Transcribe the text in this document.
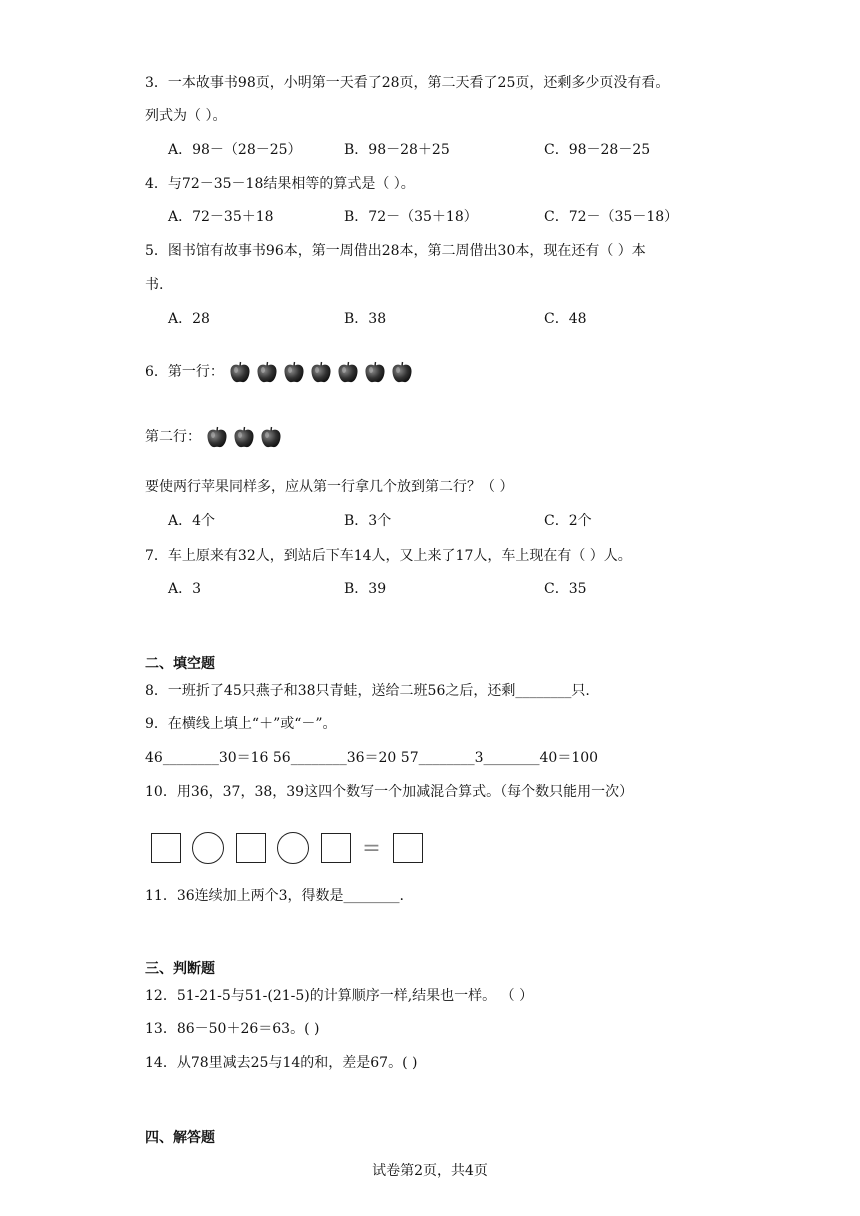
3．一本故事书98页，小明第一天看了28页，第二天看了25页，还剩多少页没有看。
列式为（ ）。
A．98－（28－25）	B．98－28＋25	C．98－28－25
4．与72－35－18结果相等的算式是（ ）。
A．72－35＋18	B．72－（35＋18）	C．72－（35－18）
5．图书馆有故事书96本，第一周借出28本，第二周借出30本，现在还有（ ）本
书.
A．28	B．38	C．48
6．第一行：
第二行：
要使两行苹果同样多，应从第一行拿几个放到第二行？（ ）
A．4个	B．3个	C．2个
7．车上原来有32人，到站后下车14人，又上来了17人，车上现在有（ ）人。
A．3	B．39	C．35
二、填空题
8．一班折了45只燕子和38只青蛙，送给二班56之后，还剩________只.
9．在横线上填上“＋”或“－”。
46________30＝16 56________36＝20 57________3________40＝100
10．用36，37，38，39这四个数写一个加减混合算式。（每个数只能用一次）
=
11．36连续加上两个3，得数是________.
三、判断题
12．51-21-5与51-(21-5)的计算顺序一样,结果也一样。 （ ）
13．86－50＋26＝63。( )
14．从78里减去25与14的和，差是67。( )
四、解答题
试卷第2页，共4页
